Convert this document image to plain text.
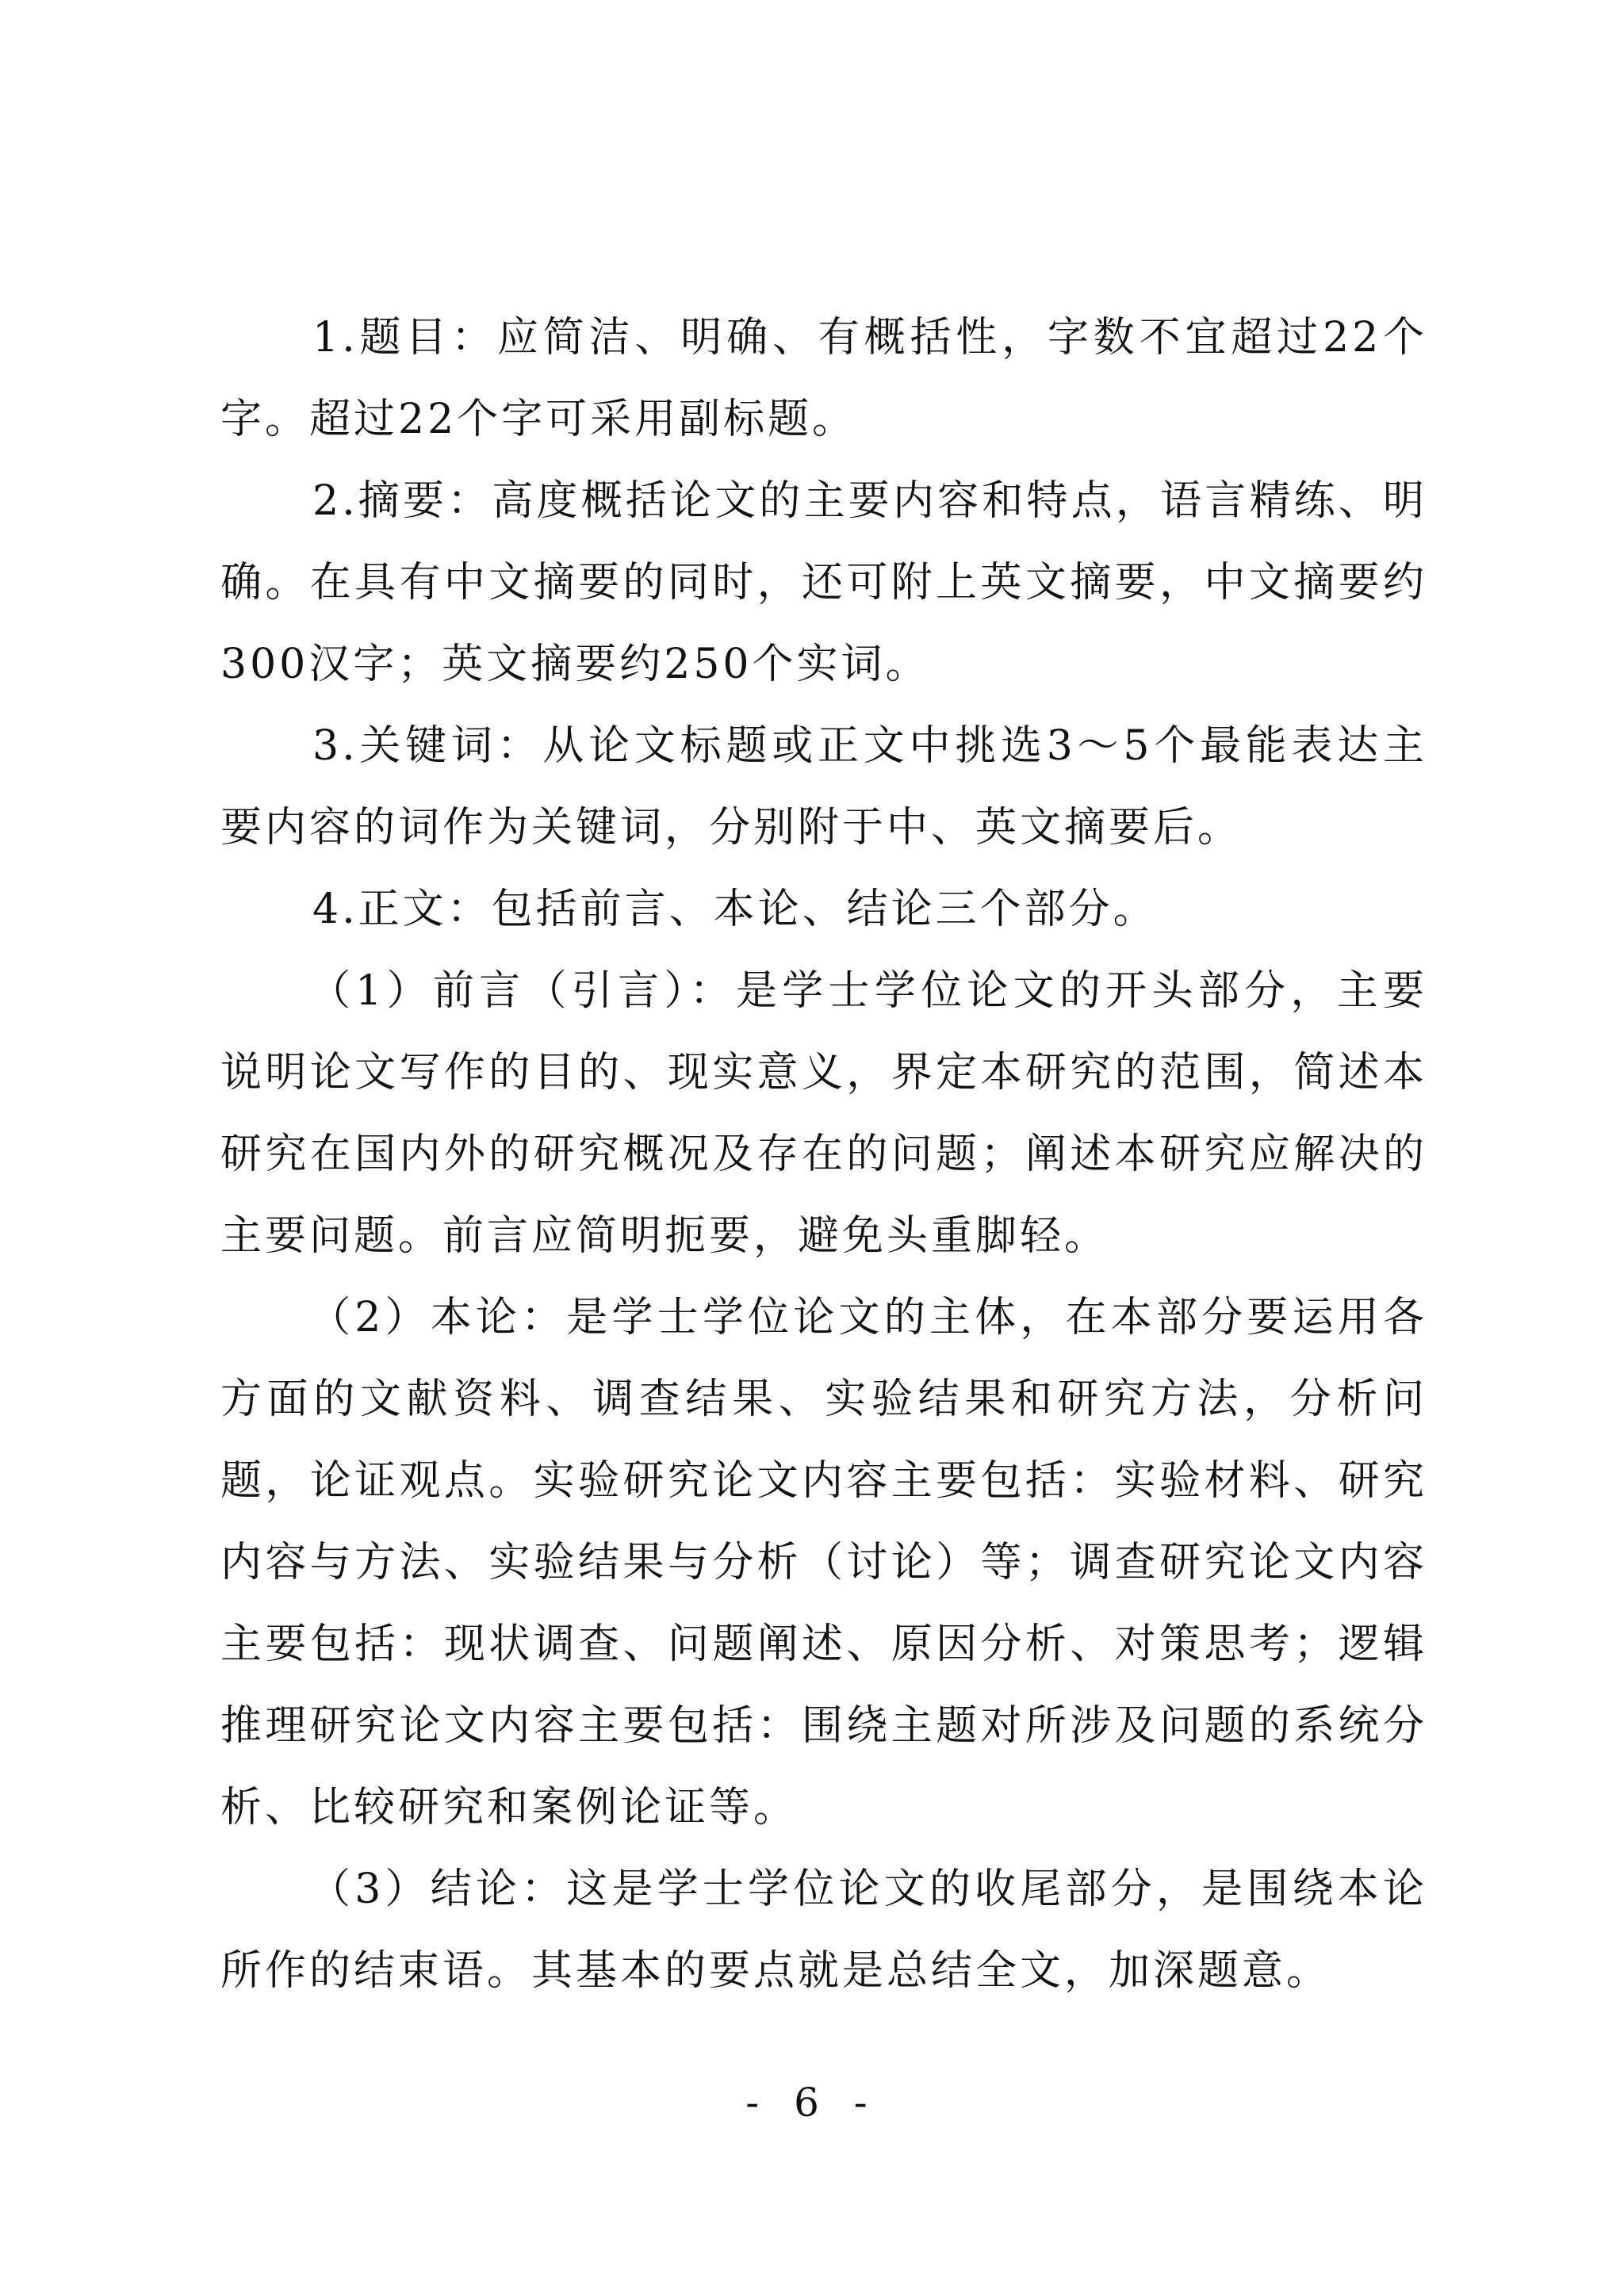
1.题目：应简洁、明确、有概括性，字数不宜超过22个字。超过22个字可采用副标题。

2.摘要：高度概括论文的主要内容和特点，语言精练、明确。在具有中文摘要的同时，还可附上英文摘要，中文摘要约300汉字；英文摘要约250个实词。

3.关键词：从论文标题或正文中挑选3～5个最能表达主要内容的词作为关键词，分别附于中、英文摘要后。

4.正文：包括前言、本论、结论三个部分。

（1）前言（引言）：是学士学位论文的开头部分，主要说明论文写作的目的、现实意义，界定本研究的范围，简述本研究在国内外的研究概况及存在的问题；阐述本研究应解决的主要问题。前言应简明扼要，避免头重脚轻。

（2）本论：是学士学位论文的主体，在本部分要运用各方面的文献资料、调查结果、实验结果和研究方法，分析问题，论证观点。实验研究论文内容主要包括：实验材料、研究内容与方法、实验结果与分析（讨论）等；调查研究论文内容主要包括：现状调查、问题阐述、原因分析、对策思考；逻辑推理研究论文内容主要包括：围绕主题对所涉及问题的系统分析、比较研究和案例论证等。

（3）结论：这是学士学位论文的收尾部分，是围绕本论所作的结束语。其基本的要点就是总结全文，加深题意。

- 6 -
